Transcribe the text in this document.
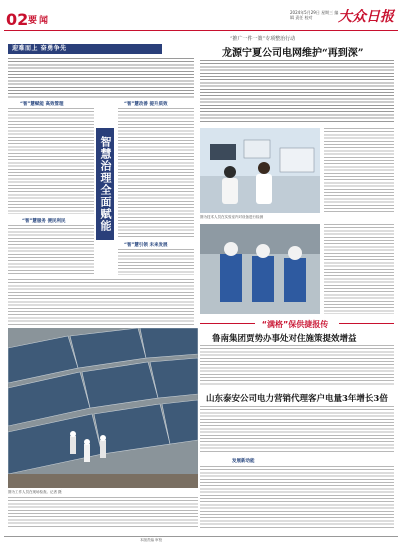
02 要闻
2024年5月29日 星期三 编辑 责任 校对	大众日报
迎难而上 奋勇争先
“智”慧赋能 高效管理
“智”慧服务 便民利民	智慧治理全面赋能
“智”慧改善 提升质效
“智”慧引领 未来发展
图为工作人员在现场检查。记者 摄
“推广一件一策”专项整治行动
龙源宁夏公司电网维护“再到深”
图为技术人员在实验室内对设备进行检测
“满格”保供捷报传
鲁南集团贾势办事处对住施策提效增益
山东泰安公司电力营销代理客户电量3年增长3倍
发展新动能
本版责编 审校
